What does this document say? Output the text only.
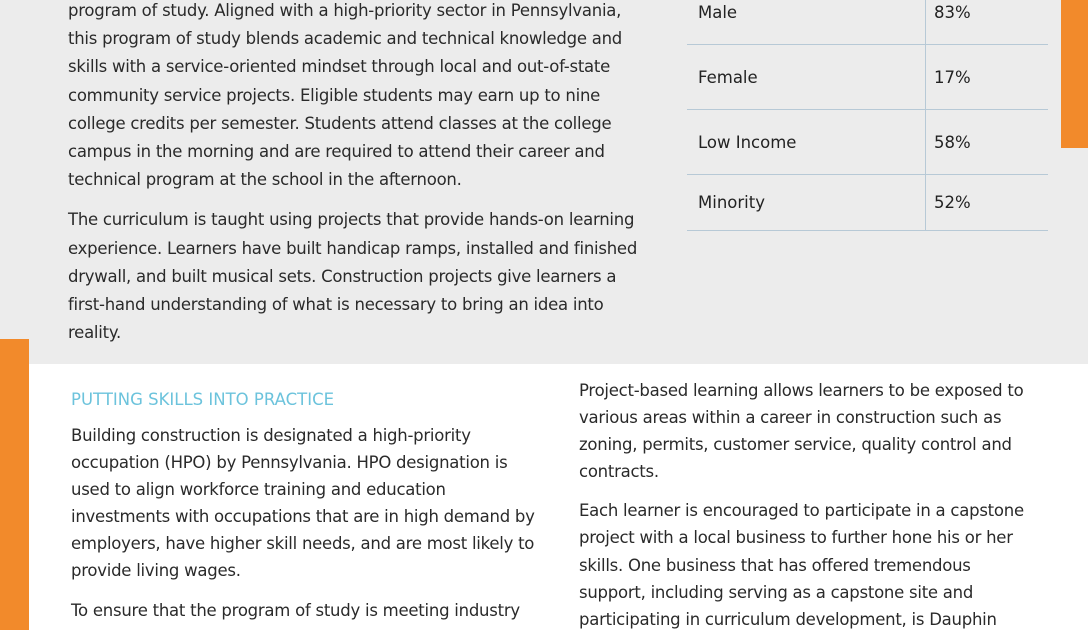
program of study. Aligned with a high-priority sector in Pennsylvania, this program of study blends academic and technical knowledge and skills with a service-oriented mindset through local and out-of-state community service projects. Eligible students may earn up to nine college credits per semester. Students attend classes at the college campus in the morning and are required to attend their career and technical program at the school in the afternoon.

The curriculum is taught using projects that provide hands-on learning experience. Learners have built handicap ramps, installed and finished drywall, and built musical sets. Construction projects give learners a first-hand understanding of what is necessary to bring an idea into reality.

Male	83%
Female	17%
Low Income	58%
Minority	52%
PUTTING SKILLS INTO PRACTICE

Building construction is designated a high-priority occupation (HPO) by Pennsylvania. HPO designation is used to align workforce training and education investments with occupations that are in high demand by employers, have higher skill needs, and are most likely to provide living wages.

To ensure that the program of study is meeting industry

Project-based learning allows learners to be exposed to various areas within a career in construction such as zoning, permits, customer service, quality control and contracts.

Each learner is encouraged to participate in a capstone project with a local business to further hone his or her skills. One business that has offered tremendous support, including serving as a capstone site and participating in curriculum development, is Dauphin
